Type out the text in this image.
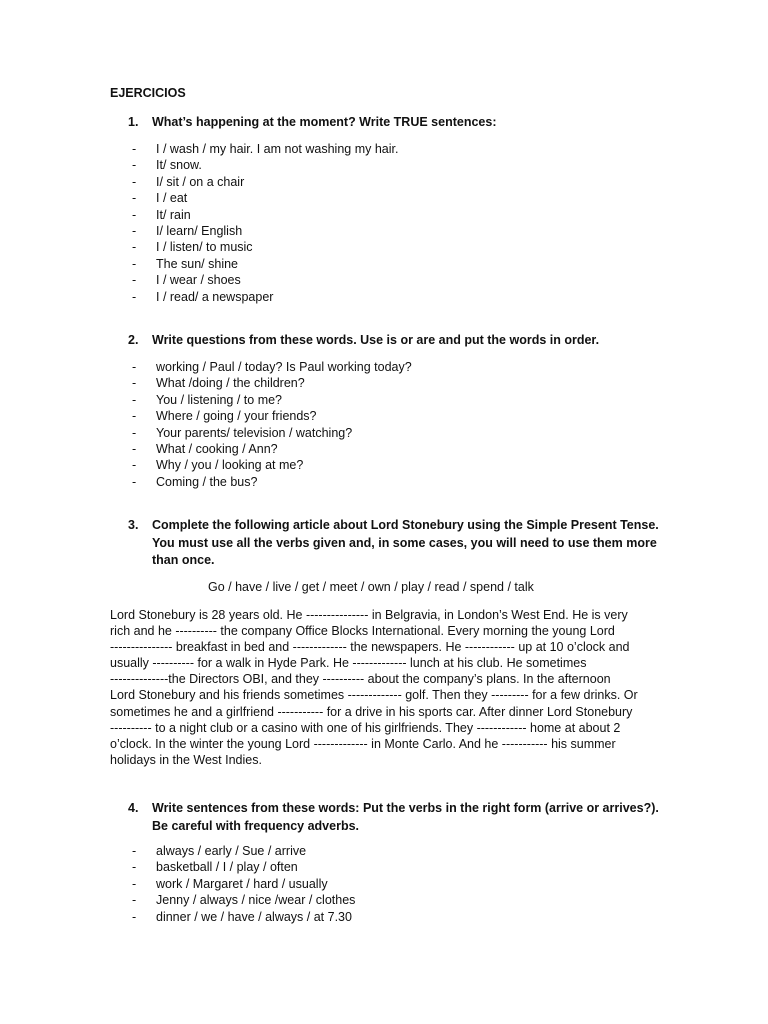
EJERCICIOS
1. What’s happening at the moment? Write TRUE sentences:
- I / wash / my hair. I am not washing my hair.
- It/ snow.
- I/ sit / on a chair
- I / eat
- It/ rain
- I/ learn/ English
- I / listen/ to music
- The sun/ shine
- I / wear / shoes
- I / read/ a newspaper
2. Write questions from these words. Use is or are and put the words in order.
- working / Paul / today? Is Paul working today?
- What /doing / the children?
- You / listening / to me?
- Where / going / your friends?
- Your parents/ television / watching?
- What / cooking / Ann?
- Why / you / looking at me?
- Coming / the bus?
3. Complete the following article about Lord Stonebury using the Simple Present Tense. You must use all the verbs given and, in some cases, you will need to use them more than once.
Go / have / live / get / meet / own / play / read / spend / talk

Lord Stonebury is 28 years old. He --------------- in Belgravia, in London’s West End. He is very

rich and he ---------- the company Office Blocks International. Every morning the young Lord

--------------- breakfast in bed and ------------- the newspapers. He ------------ up at 10 o’clock and

usually ---------- for a walk in Hyde Park. He ------------- lunch at his club. He sometimes

--------------the Directors OBI, and they ---------- about the company’s plans. In the afternoon

Lord Stonebury and his friends sometimes ------------- golf. Then they --------- for a few drinks. Or

sometimes he and a girlfriend ----------- for a drive in his sports car. After dinner Lord Stonebury

---------- to a night club or a casino with one of his girlfriends. They ------------ home at about 2

o’clock. In the winter the young Lord ------------- in Monte Carlo. And he ----------- his summer

holidays in the West Indies.

4. Write sentences from these words: Put the verbs in the right form (arrive or arrives?). Be careful with frequency adverbs.
- always / early / Sue / arrive
- basketball / I / play / often
- work / Margaret / hard / usually
- Jenny / always / nice /wear / clothes
- dinner / we / have / always / at 7.30
